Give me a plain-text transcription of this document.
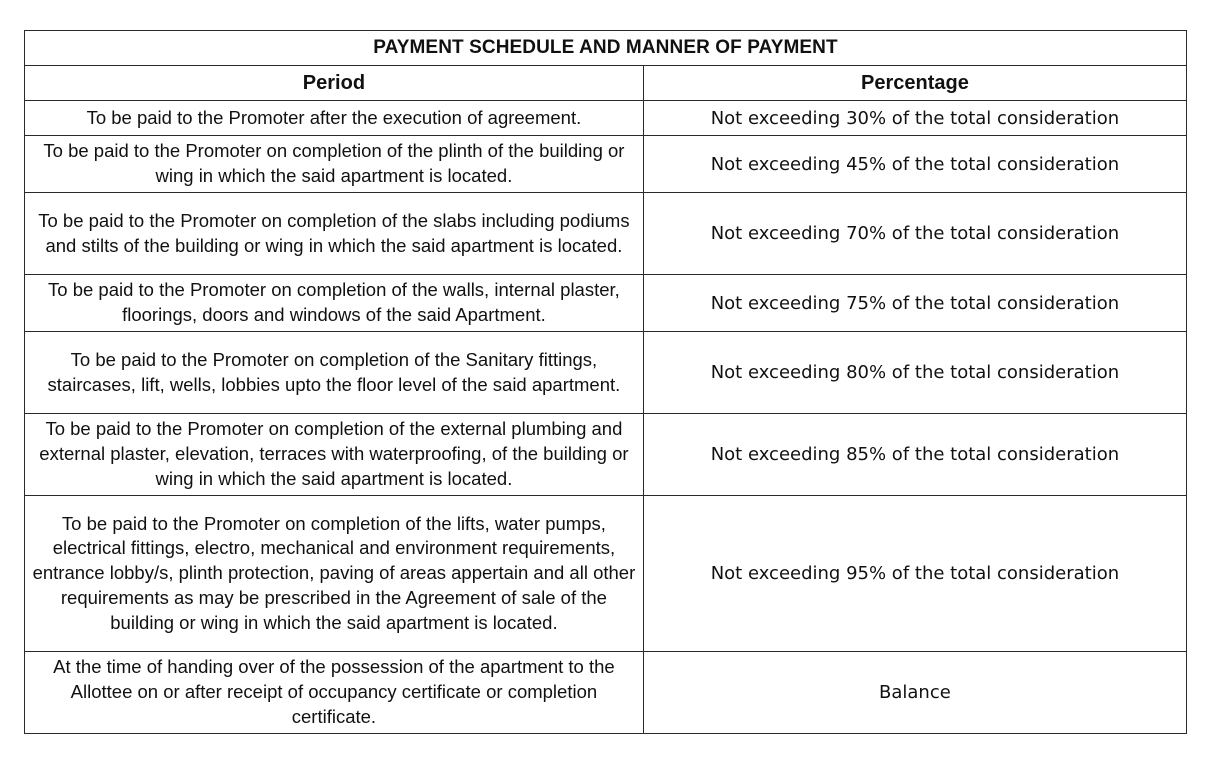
PAYMENT SCHEDULE AND MANNER OF PAYMENT	
Period	Percentage
To be paid to the Promoter after the execution of agreement.	Not exceeding 30% of the total consideration
To be paid to the Promoter on completion of the plinth of the building or wing in which the said apartment is located.	Not exceeding 45% of the total consideration
To be paid to the Promoter on completion of the slabs including podiums and stilts of the building or wing in which the said apartment is located.	Not exceeding 70% of the total consideration
To be paid to the Promoter on completion of the walls, internal plaster, floorings, doors and windows of the said Apartment.	Not exceeding 75% of the total consideration
To be paid to the Promoter on completion of the Sanitary fittings, staircases, lift, wells, lobbies upto the floor level of the said apartment.	Not exceeding 80% of the total consideration
To be paid to the Promoter on completion of the external plumbing and external plaster, elevation, terraces with waterproofing, of the building or wing in which the said apartment is located.	Not exceeding 85% of the total consideration
To be paid to the Promoter on completion of the lifts, water pumps, electrical fittings, electro, mechanical and environment requirements, entrance lobby/s, plinth protection, paving of areas appertain and all other requirements as may be prescribed in the Agreement of sale of the building or wing in which the said apartment is located.	Not exceeding 95% of the total consideration
At the time of handing over of the possession of the apartment to the Allottee on or after receipt of occupancy certificate or completion certificate.	Balance
